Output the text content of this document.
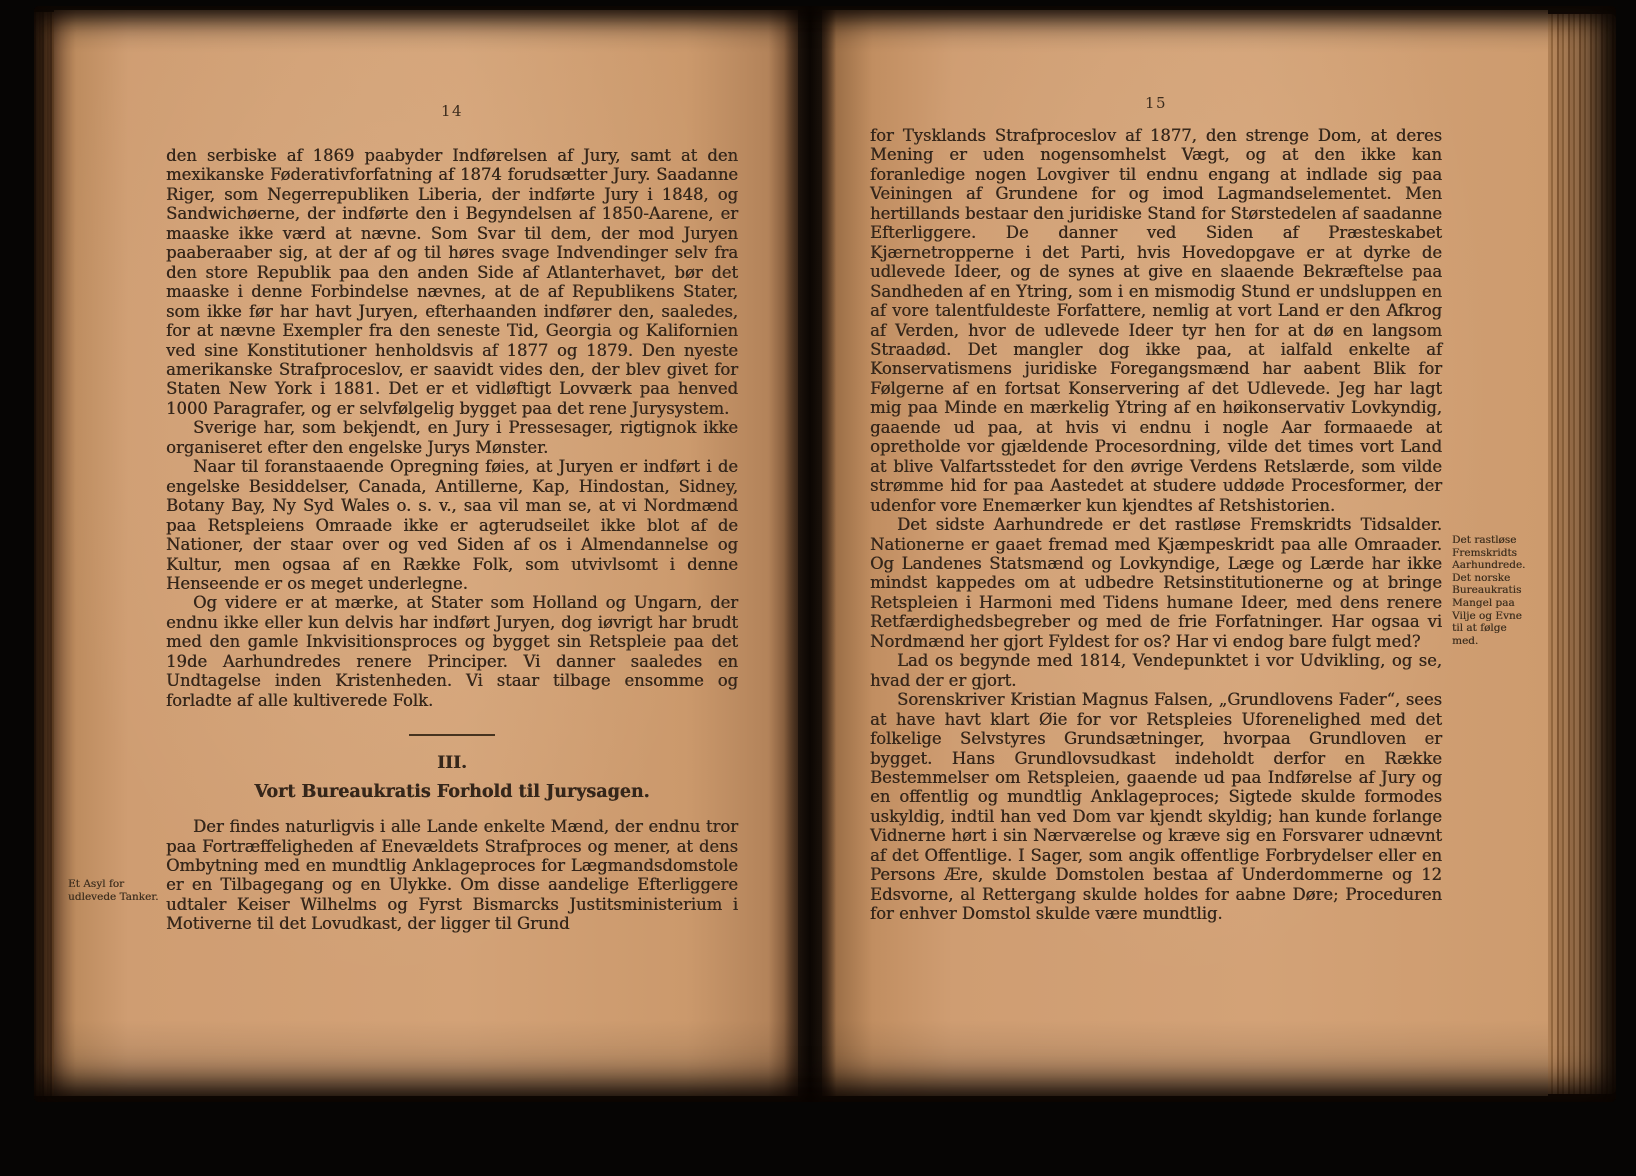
14
Et Asyl for udlevede Tanker.

den serbiske af 1869 paabyder Indførelsen af Jury, samt at den mexikanske Føderativforfatning af 1874 forudsætter Jury. Saadanne Riger, som Negerrepubliken Liberia, der indførte Jury i 1848, og Sandwichøerne, der indførte den i Begyndelsen af 1850-Aarene, er maaske ikke værd at nævne. Som Svar til dem, der mod Juryen paaberaaber sig, at der af og til høres svage Indvendinger selv fra den store Republik paa den anden Side af Atlanterhavet, bør det maaske i denne Forbindelse nævnes, at de af Republikens Stater, som ikke før har havt Juryen, efterhaanden indfører den, saaledes, for at nævne Exempler fra den seneste Tid, Georgia og Kalifornien ved sine Konstitutioner henholdsvis af 1877 og 1879. Den nyeste amerikanske Strafproceslov, er saavidt vides den, der blev givet for Staten New York i 1881. Det er et vidløftigt Lovværk paa henved 1000 Paragrafer, og er selvfølgelig bygget paa det rene Jurysystem.

Sverige har, som bekjendt, en Jury i Pressesager, rigtignok ikke organiseret efter den engelske Jurys Mønster.

Naar til foranstaaende Opregning føies, at Juryen er indført i de engelske Besiddelser, Canada, Antillerne, Kap, Hindostan, Sidney, Botany Bay, Ny Syd Wales o. s. v., saa vil man se, at vi Nordmænd paa Retspleiens Omraade ikke er agterudseilet ikke blot af de Nationer, der staar over og ved Siden af os i Almendannelse og Kultur, men ogsaa af en Række Folk, som utvivlsomt i denne Henseende er os meget underlegne.

Og videre er at mærke, at Stater som Holland og Ungarn, der endnu ikke eller kun delvis har indført Juryen, dog iøvrigt har brudt med den gamle Inkvisitionsproces og bygget sin Retspleie paa det 19de Aarhundredes renere Principer. Vi danner saaledes en Undtagelse inden Kristenheden. Vi staar tilbage ensomme og forladte af alle kultiverede Folk.

III.
Vort Bureaukratis Forhold til Jurysagen.

Der findes naturligvis i alle Lande enkelte Mænd, der endnu tror paa Fortræffeligheden af Enevældets Strafproces og mener, at dens Ombytning med en mundtlig Anklageproces for Lægmandsdomstole er en Tilbagegang og en Ulykke. Om disse aandelige Efterliggere udtaler Keiser Wilhelms og Fyrst Bismarcks Justitsministerium i Motiverne til det Lovudkast, der ligger til Grund

15
Det rastløse Fremskridts Aarhundrede. Det norske Bureaukratis Mangel paa Vilje og Evne til at følge med.

for Tysklands Strafproceslov af 1877, den strenge Dom, at deres Mening er uden nogensomhelst Vægt, og at den ikke kan foranledige nogen Lovgiver til endnu engang at indlade sig paa Veiningen af Grundene for og imod Lagmandselementet. Men hertillands bestaar den juridiske Stand for Størstedelen af saadanne Efterliggere. De danner ved Siden af Præsteskabet Kjærnetropperne i det Parti, hvis Hovedopgave er at dyrke de udlevede Ideer, og de synes at give en slaaende Bekræftelse paa Sandheden af en Ytring, som i en mismodig Stund er undsluppen en af vore talentfuldeste Forfattere, nemlig at vort Land er den Afkrog af Verden, hvor de udlevede Ideer tyr hen for at dø en langsom Straadød. Det mangler dog ikke paa, at ialfald enkelte af Konservatismens juridiske Foregangsmænd har aabent Blik for Følgerne af en fortsat Konservering af det Udlevede. Jeg har lagt mig paa Minde en mærkelig Ytring af en høikonservativ Lovkyndig, gaaende ud paa, at hvis vi endnu i nogle Aar formaaede at opretholde vor gjældende Procesordning, vilde det times vort Land at blive Valfartsstedet for den øvrige Verdens Retslærde, som vilde strømme hid for paa Aastedet at studere uddøde Procesformer, der udenfor vore Enemærker kun kjendtes af Retshistorien.

Det sidste Aarhundrede er det rastløse Fremskridts Tidsalder. Nationerne er gaaet fremad med Kjæmpeskridt paa alle Omraader. Og Landenes Statsmænd og Lovkyndige, Læge og Lærde har ikke mindst kappedes om at udbedre Retsinstitutionerne og at bringe Retspleien i Harmoni med Tidens humane Ideer, med dens renere Retfærdighedsbegreber og med de frie Forfatninger. Har ogsaa vi Nordmænd her gjort Fyldest for os? Har vi endog bare fulgt med?

Lad os begynde med 1814, Vendepunktet i vor Udvikling, og se, hvad der er gjort.

Sorenskriver Kristian Magnus Falsen, „Grundlovens Fader“, sees at have havt klart Øie for vor Retspleies Uforenelighed med det folkelige Selvstyres Grundsætninger, hvorpaa Grundloven er bygget. Hans Grundlovsudkast indeholdt derfor en Række Bestemmelser om Retspleien, gaaende ud paa Indførelse af Jury og en offentlig og mundtlig Anklageproces; Sigtede skulde formodes uskyldig, indtil han ved Dom var kjendt skyldig; han kunde forlange Vidnerne hørt i sin Nærværelse og kræve sig en Forsvarer udnævnt af det Offentlige. I Sager, som angik offentlige Forbrydelser eller en Persons Ære, skulde Domstolen bestaa af Underdommerne og 12 Edsvorne, al Rettergang skulde holdes for aabne Døre; Proceduren for enhver Domstol skulde være mundtlig.
